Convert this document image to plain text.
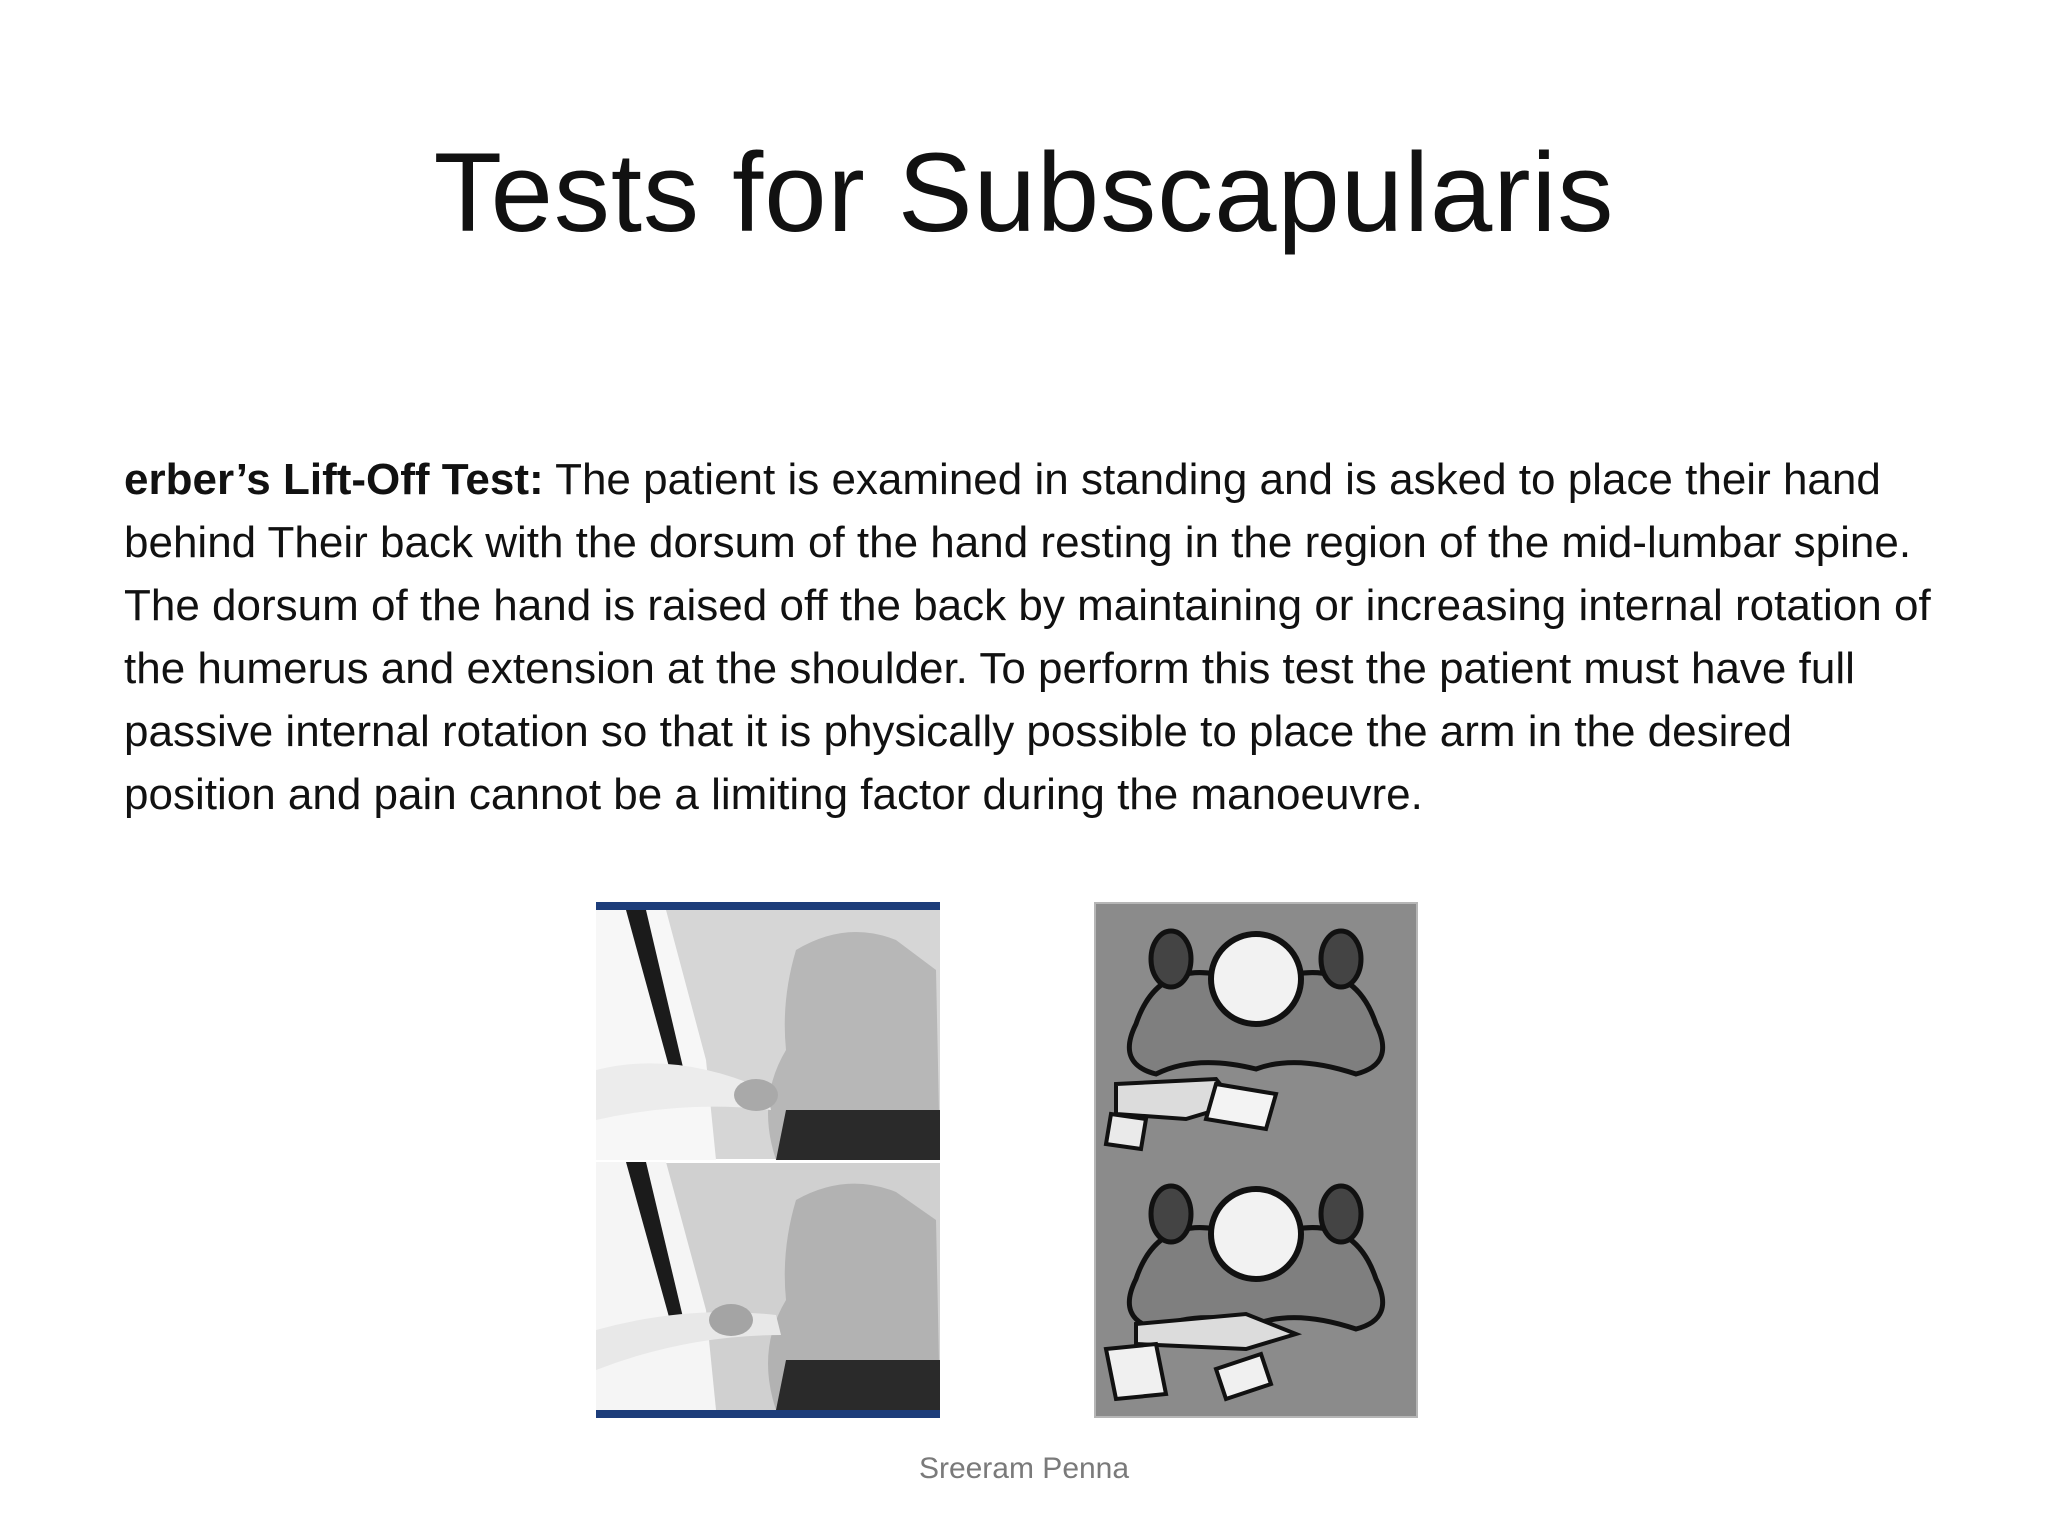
Tests for Subscapularis
erber’s Lift-Off Test: The patient is examined in standing and is asked to place their hand behind Their back with the dorsum of the hand resting in the region of the mid-lumbar spine. The dorsum of the hand is raised off the back by maintaining or increasing internal rotation of the humerus and extension at the shoulder. To perform this test the patient must have full passive internal rotation so that it is physically possible to place the arm in the desired position and pain cannot be a limiting factor during the manoeuvre.
Sreeram Penna
